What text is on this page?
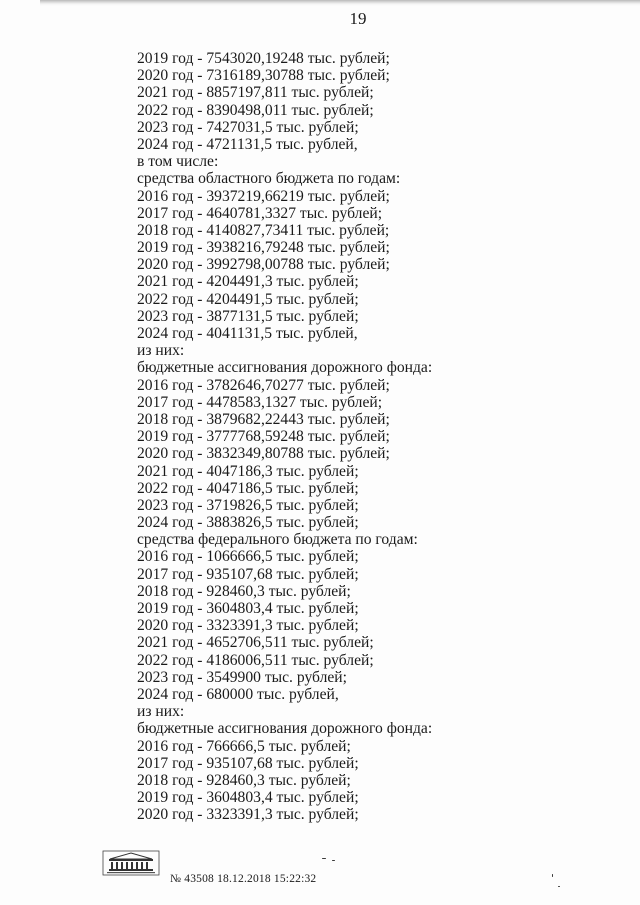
19
2019 год - 7543020,19248 тыс. рублей;
2020 год - 7316189,30788 тыс. рублей;
2021 год - 8857197,811 тыс. рублей;
2022 год - 8390498,011 тыс. рублей;
2023 год - 7427031,5 тыс. рублей;
2024 год - 4721131,5 тыс. рублей,
в том числе:
средства областного бюджета по годам:
2016 год - 3937219,66219 тыс. рублей;
2017 год - 4640781,3327 тыс. рублей;
2018 год - 4140827,73411 тыс. рублей;
2019 год - 3938216,79248 тыс. рублей;
2020 год - 3992798,00788 тыс. рублей;
2021 год - 4204491,3 тыс. рублей;
2022 год - 4204491,5 тыс. рублей;
2023 год - 3877131,5 тыс. рублей;
2024 год - 4041131,5 тыс. рублей,
из них:
бюджетные ассигнования дорожного фонда:
2016 год - 3782646,70277 тыс. рублей;
2017 год - 4478583,1327 тыс. рублей;
2018 год - 3879682,22443 тыс. рублей;
2019 год - 3777768,59248 тыс. рублей;
2020 год - 3832349,80788 тыс. рублей;
2021 год - 4047186,3 тыс. рублей;
2022 год - 4047186,5 тыс. рублей;
2023 год - 3719826,5 тыс. рублей;
2024 год - 3883826,5 тыс. рублей;
средства федерального бюджета по годам:
2016 год - 1066666,5 тыс. рублей;
2017 год - 935107,68 тыс. рублей;
2018 год - 928460,3 тыс. рублей;
2019 год - 3604803,4 тыс. рублей;
2020 год - 3323391,3 тыс. рублей;
2021 год - 4652706,511 тыс. рублей;
2022 год - 4186006,511 тыс. рублей;
2023 год - 3549900 тыс. рублей;
2024 год - 680000 тыс. рублей,
из них:
бюджетные ассигнования дорожного фонда:
2016 год - 766666,5 тыс. рублей;
2017 год - 935107,68 тыс. рублей;
2018 год - 928460,3 тыс. рублей;
2019 год - 3604803,4 тыс. рублей;
2020 год - 3323391,3 тыс. рублей;
№ 43508 18.12.2018 15:22:32
